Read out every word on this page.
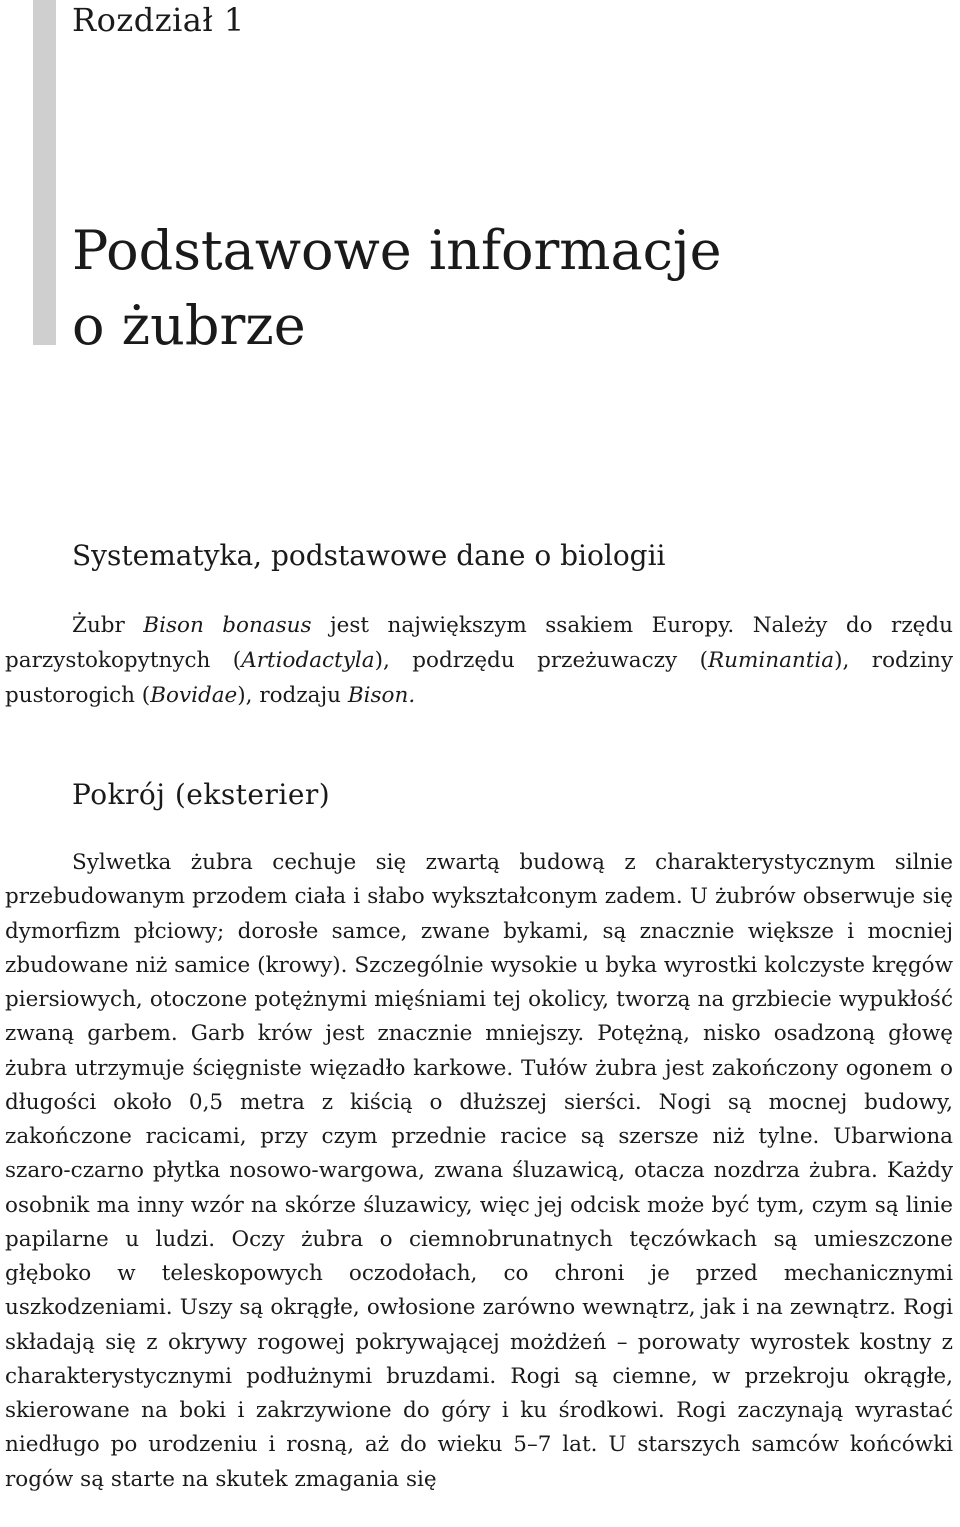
Rozdział 1
Podstawowe informacje
o żubrze
Systematyka, podstawowe dane o biologii

Żubr Bison bonasus jest największym ssakiem Europy. Należy do rzędu parzystokopytnych (Artiodactyla), podrzędu przeżuwaczy (Ruminantia), rodziny pustorogich (Bovidae), rodzaju Bison.

Pokrój (eksterier)

Sylwetka żubra cechuje się zwartą budową z charakterystycznym silnie przebudowanym przodem ciała i słabo wykształconym zadem. U żubrów obserwuje się dymorfizm płciowy; dorosłe samce, zwane bykami, są znacznie większe i mocniej zbudowane niż samice (krowy). Szczególnie wysokie u byka wyrostki kolczyste kręgów piersiowych, otoczone potężnymi mięśniami tej okolicy, tworzą na grzbiecie wypukłość zwaną garbem. Garb krów jest znacznie mniejszy. Potężną, nisko osadzoną głowę żubra utrzymuje ścięgniste więzadło karkowe. Tułów żubra jest zakończony ogonem o długości około 0,5 metra z kiścią o dłuższej sierści. Nogi są mocnej budowy, zakończone racicami, przy czym przednie racice są szersze niż tylne. Ubarwiona szaro-czarno płytka nosowo-wargowa, zwana śluzawicą, otacza nozdrza żubra. Każdy osobnik ma inny wzór na skórze śluzawicy, więc jej odcisk może być tym, czym są linie papilarne u ludzi. Oczy żubra o ciemnobrunatnych tęczówkach są umieszczone głęboko w teleskopowych oczodołach, co chroni je przed mechanicznymi uszkodzeniami. Uszy są okrągłe, owłosione zarówno wewnątrz, jak i na zewnątrz. Rogi składają się z okrywy rogowej pokrywającej możdżeń – porowaty wyrostek kostny z charakterystycznymi podłużnymi bruzdami. Rogi są ciemne, w przekroju okrągłe, skierowane na boki i zakrzywione do góry i ku środkowi. Rogi zaczynają wyrastać niedługo po urodzeniu i rosną, aż do wieku 5–7 lat. U starszych samców końcówki rogów są starte na skutek zmagania się
